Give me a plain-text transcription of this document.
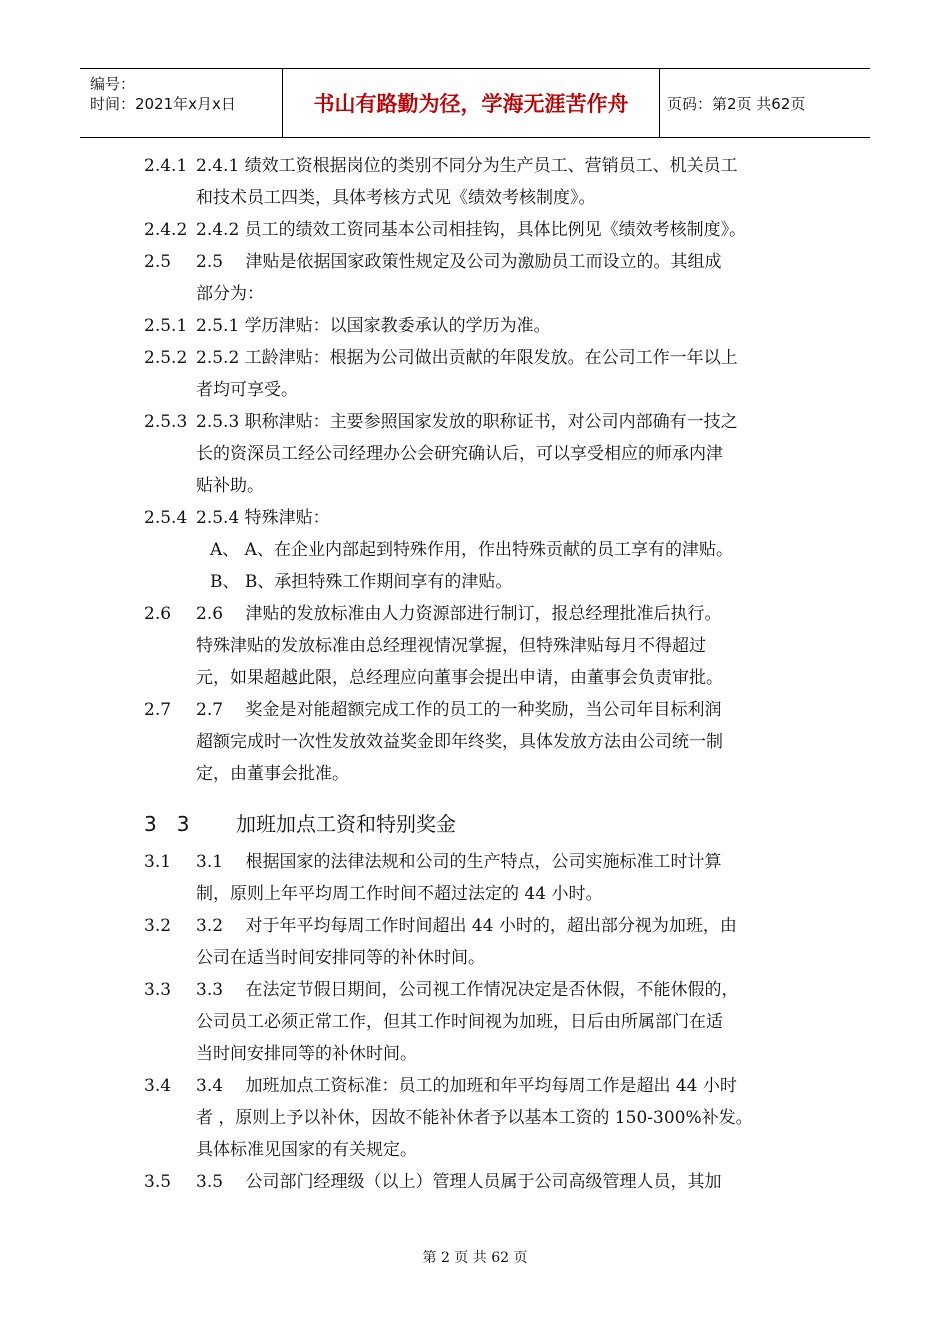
编号：
时间：2021年x月x日	书山有路勤为径，学海无涯苦作舟	页码：第2页 共62页
2.4.1 2.4.1 绩效工资根据岗位的类别不同分为生产员工、营销员工、机关员工
和技术员工四类，具体考核方式见《绩效考核制度》。
2.4.2 2.4.2 员工的绩效工资同基本公司相挂钩，具体比例见《绩效考核制度》。
2.5 2.5　 津贴是依据国家政策性规定及公司为激励员工而设立的。其组成
部分为：
2.5.1 2.5.1 学历津贴：以国家教委承认的学历为准。
2.5.2 2.5.2 工龄津贴：根据为公司做出贡献的年限发放。在公司工作一年以上
者均可享受。
2.5.3 2.5.3 职称津贴：主要参照国家发放的职称证书，对公司内部确有一技之
长的资深员工经公司经理办公会研究确认后，可以享受相应的师承内津
贴补助。
2.5.4 2.5.4 特殊津贴：
A、 A、在企业内部起到特殊作用，作出特殊贡献的员工享有的津贴。
B、 B、承担特殊工作期间享有的津贴。
2.6 2.6　 津贴的发放标准由人力资源部进行制订，报总经理批准后执行。
特殊津贴的发放标准由总经理视情况掌握，但特殊津贴每月不得超过
元，如果超越此限，总经理应向董事会提出申请，由董事会负责审批。
2.7 2.7　 奖金是对能超额完成工作的员工的一种奖励，当公司年目标利润
超额完成时一次性发放效益奖金即年终奖，具体发放方法由公司统一制
定，由董事会批准。
3　3 加班加点工资和特别奖金
3.1 3.1　 根据国家的法律法规和公司的生产特点，公司实施标准工时计算
制，原则上年平均周工作时间不超过法定的 44 小时。
3.2 3.2　 对于年平均每周工作时间超出 44 小时的，超出部分视为加班，由
公司在适当时间安排同等的补休时间。
3.3 3.3　 在法定节假日期间，公司视工作情况决定是否休假，不能休假的，
公司员工必须正常工作，但其工作时间视为加班，日后由所属部门在适
当时间安排同等的补休时间。
3.4 3.4　 加班加点工资标准：员工的加班和年平均每周工作是超出 44 小时
者 ，原则上予以补休，因故不能补休者予以基本工资的 150-300%补发。
具体标准见国家的有关规定。
3.5 3.5　 公司部门经理级（以上）管理人员属于公司高级管理人员，其加
第 2 页 共 62 页
